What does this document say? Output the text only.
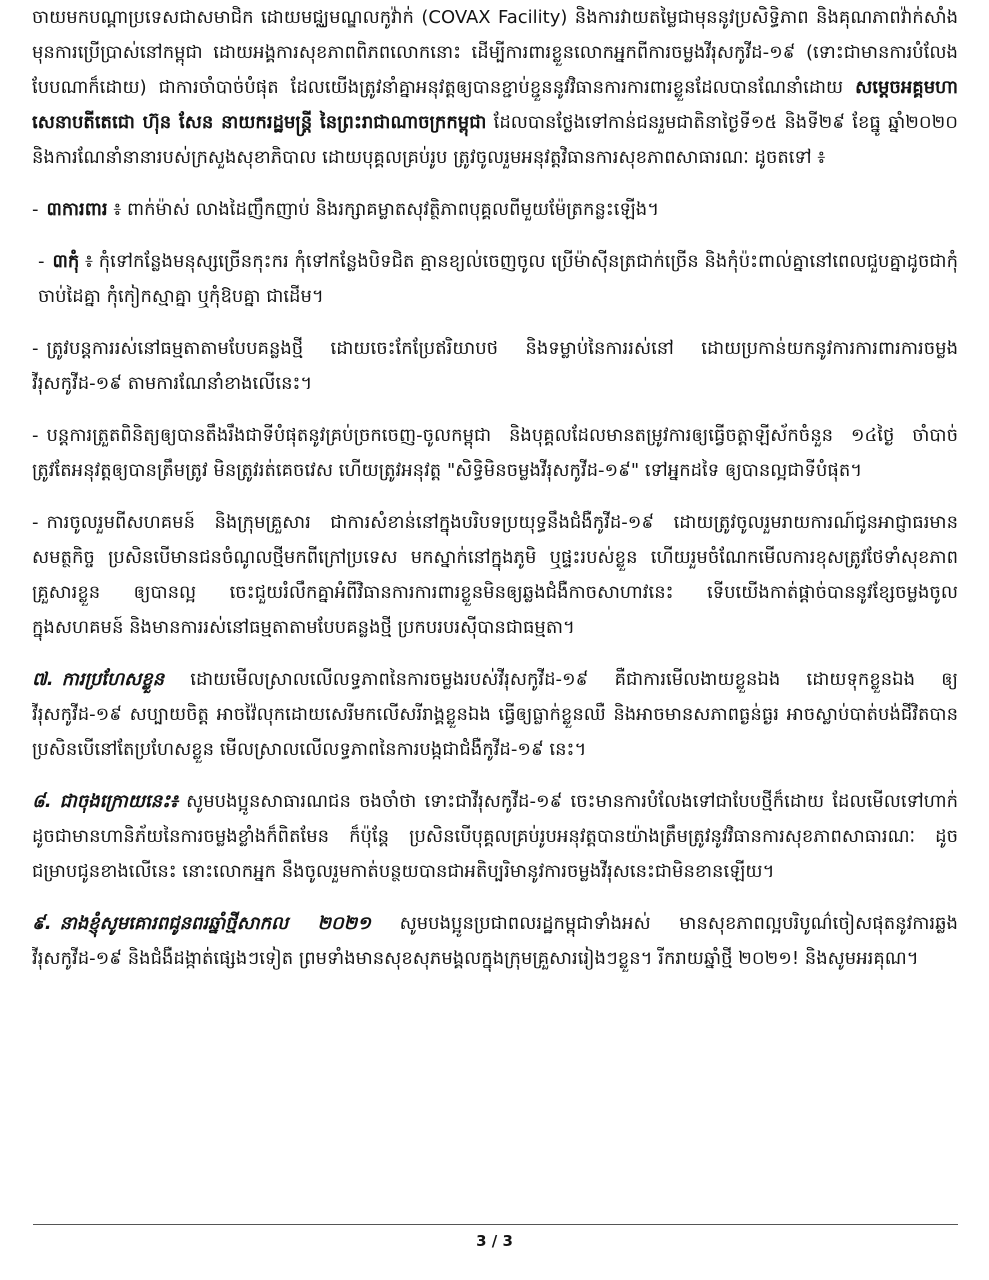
ចាយមកបណ្តាប្រទេសជាសមាជិក ដោយមជ្ឈមណ្ឌលកូវ៉ាក់ (COVAX Facility) និងការវាយតម្លៃជាមុននូវប្រសិទ្ធិភាព និងគុណភាពវ៉ាក់សាំង មុនការប្រើប្រាស់នៅកម្ពុជា ដោយអង្គការសុខភាពពិភពលោកនោះ ដើម្បីការពារខ្លួនលោកអ្នកពីការចម្លងវីរុសកូវីដ-១៩ (ទោះជាមានការបំលែងបែបណាក៏ដោយ) ជាការចាំបាច់បំផុត ដែលយើងត្រូវនាំគ្នាអនុវត្តឲ្យបានខ្ជាប់ខ្ជួននូវវិធានការការពារខ្លួនដែលបានណែនាំដោយ សម្តេចអគ្គមហាសេនាបតីតេជោ ហ៊ុន សែន នាយករដ្ឋមន្ត្រី នៃព្រះរាជាណាចក្រកម្ពុជា ដែលបានថ្លែងទៅកាន់ជនរួមជាតិនាថ្ងៃទី១៥ និងទី២៩ ខែធ្នូ ឆ្នាំ២០២០ និងការណែនាំនានារបស់ក្រសួងសុខាភិបាល ដោយបុគ្គលគ្រប់រូប ត្រូវចូលរួមអនុវត្តវិធានការសុខភាពសាធារណៈ ដូចតទៅ ៖

- ៣ការពារ ៖ ពាក់ម៉ាស់ លាងដៃញឹកញាប់ និងរក្សាគម្លាតសុវត្ថិភាពបុគ្គលពីមួយម៉ែត្រកន្លះឡើង។

- ៣កុំ ៖ កុំទៅកន្លែងមនុស្សច្រើនកុះករ កុំទៅកន្លែងបិទជិត គ្មានខ្យល់ចេញចូល ប្រើម៉ាស៊ីនត្រជាក់ច្រើន និងកុំប៉ះពាល់គ្នានៅពេលជួបគ្នាដូចជាកុំចាប់ដៃគ្នា កុំកៀកស្មាគ្នា ឬកុំឱបគ្នា ជាដើម។

- ត្រូវបន្តការរស់នៅធម្មតាតាមបែបគន្លងថ្មី ដោយចេះកែប្រែឥរិយាបថ និងទម្លាប់នៃការរស់នៅ ដោយប្រកាន់យកនូវការការពារការចម្លងវីរុសកូវីដ-១៩ តាមការណែនាំខាងលើនេះ។

- បន្តការត្រួតពិនិត្យឲ្យបានតឹងរឹងជាទីបំផុតនូវគ្រប់ច្រកចេញ-ចូលកម្ពុជា និងបុគ្គលដែលមានតម្រូវការឲ្យធ្វើចត្តាឡីស័កចំនួន ១៤ថ្ងៃ ចាំបាច់ត្រូវតែអនុវត្តឲ្យបានត្រឹមត្រូវ មិនត្រូវរត់គេចវេស ហើយត្រូវអនុវត្ត "សិទ្ធិមិនចម្លងវីរុសកូវីដ-១៩" ទៅអ្នកដទៃ ឲ្យបានល្អជាទីបំផុត។

- ការចូលរួមពីសហគមន៍ និងក្រុមគ្រួសារ ជាការសំខាន់នៅក្នុងបរិបទប្រយុទ្ធនឹងជំងឺកូវីដ-១៩ ដោយត្រូវចូលរួមរាយការណ៍ជូនអាជ្ញាធរមានសមត្ថកិច្ច ប្រសិនបើមានជនចំណូលថ្មីមកពីក្រៅប្រទេស មកស្នាក់នៅក្នុងភូមិ ឬផ្ទះរបស់ខ្លួន ហើយរួមចំណែកមើលការខុសត្រូវថែទាំសុខភាពគ្រួសារខ្លួន ឲ្យបានល្អ ចេះជួយរំលឹកគ្នាអំពីវិធានការការពារខ្លួនមិនឲ្យឆ្លងជំងឺកាចសាហាវនេះ ទើបយើងកាត់ផ្តាច់បាននូវខ្សែចម្លងចូលក្នុងសហគមន៍ និងមានការរស់នៅធម្មតាតាមបែបគន្លងថ្មី ប្រកបរបរស៊ីបានជាធម្មតា។

៧. ការប្រហែសខ្លួន ដោយមើលស្រាលលើលទ្ធភាពនៃការចម្លងរបស់វីរុសកូវីដ-១៩ គឺជាការមើលងាយខ្លួនឯង ដោយទុកខ្លួនឯង ឲ្យវីរុសកូវីដ-១៩ សប្បាយចិត្ត អាចវ៉ៃលុកដោយសេរីមកលើសរីរាង្គខ្លួនឯង ធ្វើឲ្យធ្លាក់ខ្លួនឈឺ និងអាចមានសភាពធ្ងន់ធ្ងរ អាចស្លាប់បាត់បង់ជីវិតបាន ប្រសិនបើនៅតែប្រហែសខ្លួន មើលស្រាលលើលទ្ធភាពនៃការបង្កជាជំងឺកូវីដ-១៩ នេះ។

៨. ជាចុងក្រោយនេះ៖ សូមបងប្អូនសាធារណជន ចងចាំថា ទោះជាវីរុសកូវីដ-១៩ ចេះមានការបំលែងទៅជាបែបថ្មីក៏ដោយ ដែលមើលទៅហាក់ដូចជាមានហានិភ័យនៃការចម្លងខ្លាំងក៏ពិតមែន ក៏ប៉ុន្តែ ប្រសិនបើបុគ្គលគ្រប់រូបអនុវត្តបានយ៉ាងត្រឹមត្រូវនូវវិធានការសុខភាពសាធារណៈ ដូចជម្រាបជូនខាងលើនេះ នោះលោកអ្នក នឹងចូលរួមកាត់បន្ថយបានជាអតិប្បរិមានូវការចម្លងវីរុសនេះជាមិនខានឡើយ។

៩. នាងខ្ញុំសូមគោរពជូនពរឆ្នាំថ្មីសាកល ២០២១ សូមបងប្អូនប្រជាពលរដ្ឋកម្ពុជាទាំងអស់ មានសុខភាពល្អបរិបូណ៌ចៀសផុតនូវការឆ្លងវីរុសកូវីដ-១៩ និងជំងឺដង្កាត់ផ្សេងៗទៀត ព្រមទាំងមានសុខសុភមង្គលក្នុងក្រុមគ្រួសាររៀងៗខ្លួន។ រីករាយឆ្នាំថ្មី ២០២១! និងសូមអរគុណ។

3 / 3
